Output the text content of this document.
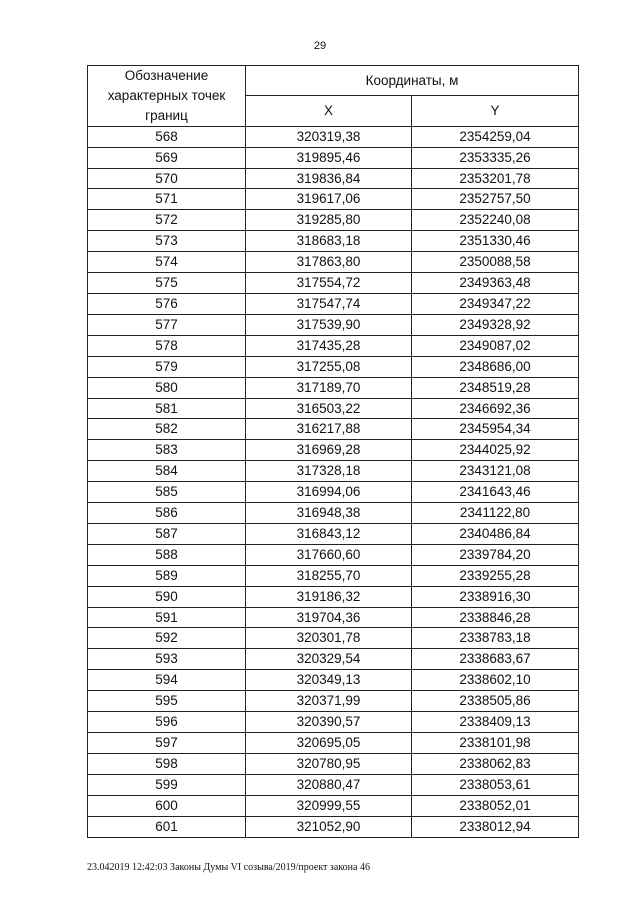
29
Обозначение характерных точек границ	Координаты, м	
	X	Y
568	320319,38	2354259,04
569	319895,46	2353335,26
570	319836,84	2353201,78
571	319617,06	2352757,50
572	319285,80	2352240,08
573	318683,18	2351330,46
574	317863,80	2350088,58
575	317554,72	2349363,48
576	317547,74	2349347,22
577	317539,90	2349328,92
578	317435,28	2349087,02
579	317255,08	2348686,00
580	317189,70	2348519,28
581	316503,22	2346692,36
582	316217,88	2345954,34
583	316969,28	2344025,92
584	317328,18	2343121,08
585	316994,06	2341643,46
586	316948,38	2341122,80
587	316843,12	2340486,84
588	317660,60	2339784,20
589	318255,70	2339255,28
590	319186,32	2338916,30
591	319704,36	2338846,28
592	320301,78	2338783,18
593	320329,54	2338683,67
594	320349,13	2338602,10
595	320371,99	2338505,86
596	320390,57	2338409,13
597	320695,05	2338101,98
598	320780,95	2338062,83
599	320880,47	2338053,61
600	320999,55	2338052,01
601	321052,90	2338012,94
23.042019 12:42:03 Законы Думы VI созыва/2019/проект закона 46
